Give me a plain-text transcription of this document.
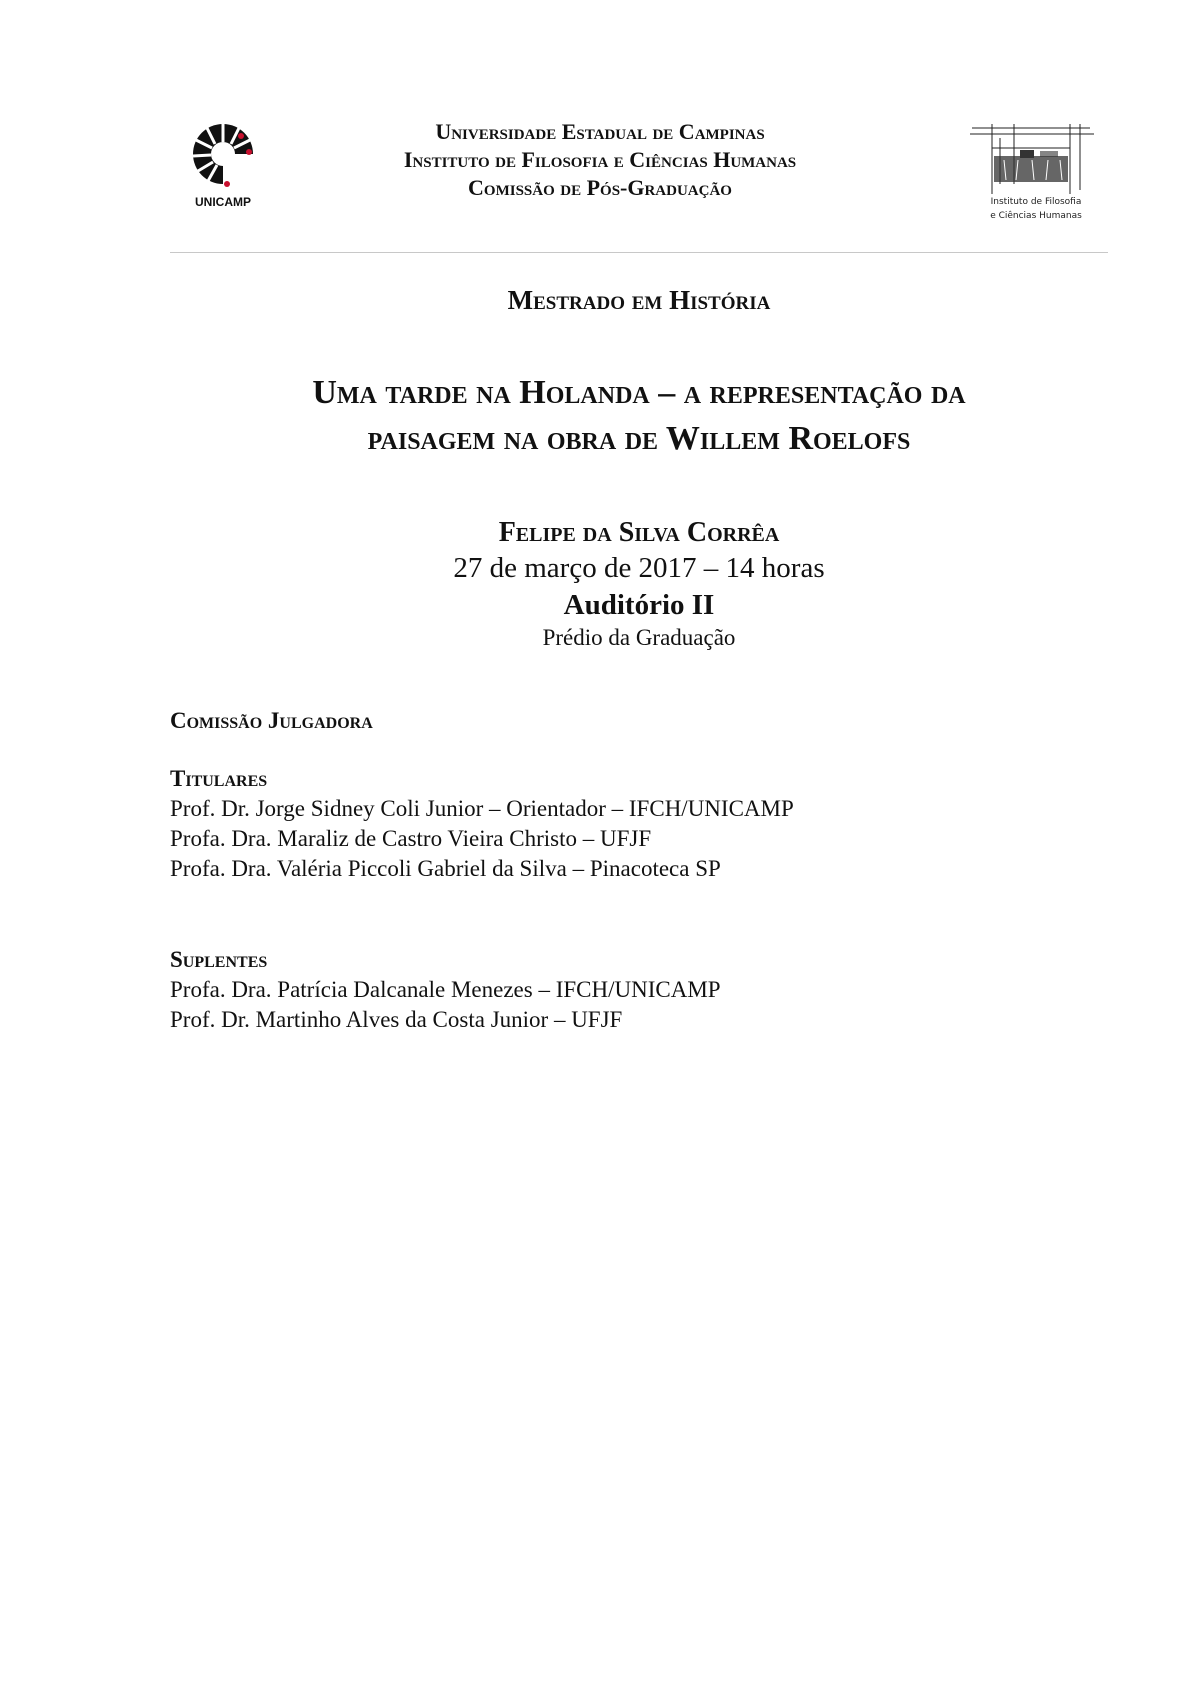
UNICAMP
Universidade Estadual de Campinas
Instituto de Filosofia e Ciências Humanas
Comissão de Pós-Graduação
Instituto de Filosofia
e Ciências Humanas
Mestrado em História
Uma tarde na Holanda – a representação da
paisagem na obra de Willem Roelofs
Felipe da Silva Corrêa
27 de março de 2017 – 14 horas
Auditório II
Prédio da Graduação
Comissão Julgadora
Titulares
Prof. Dr. Jorge Sidney Coli Junior – Orientador – IFCH/UNICAMP
Profa. Dra. Maraliz de Castro Vieira Christo – UFJF
Profa. Dra. Valéria Piccoli Gabriel da Silva – Pinacoteca SP
Suplentes
Profa. Dra. Patrícia Dalcanale Menezes – IFCH/UNICAMP
Prof. Dr. Martinho Alves da Costa Junior – UFJF
